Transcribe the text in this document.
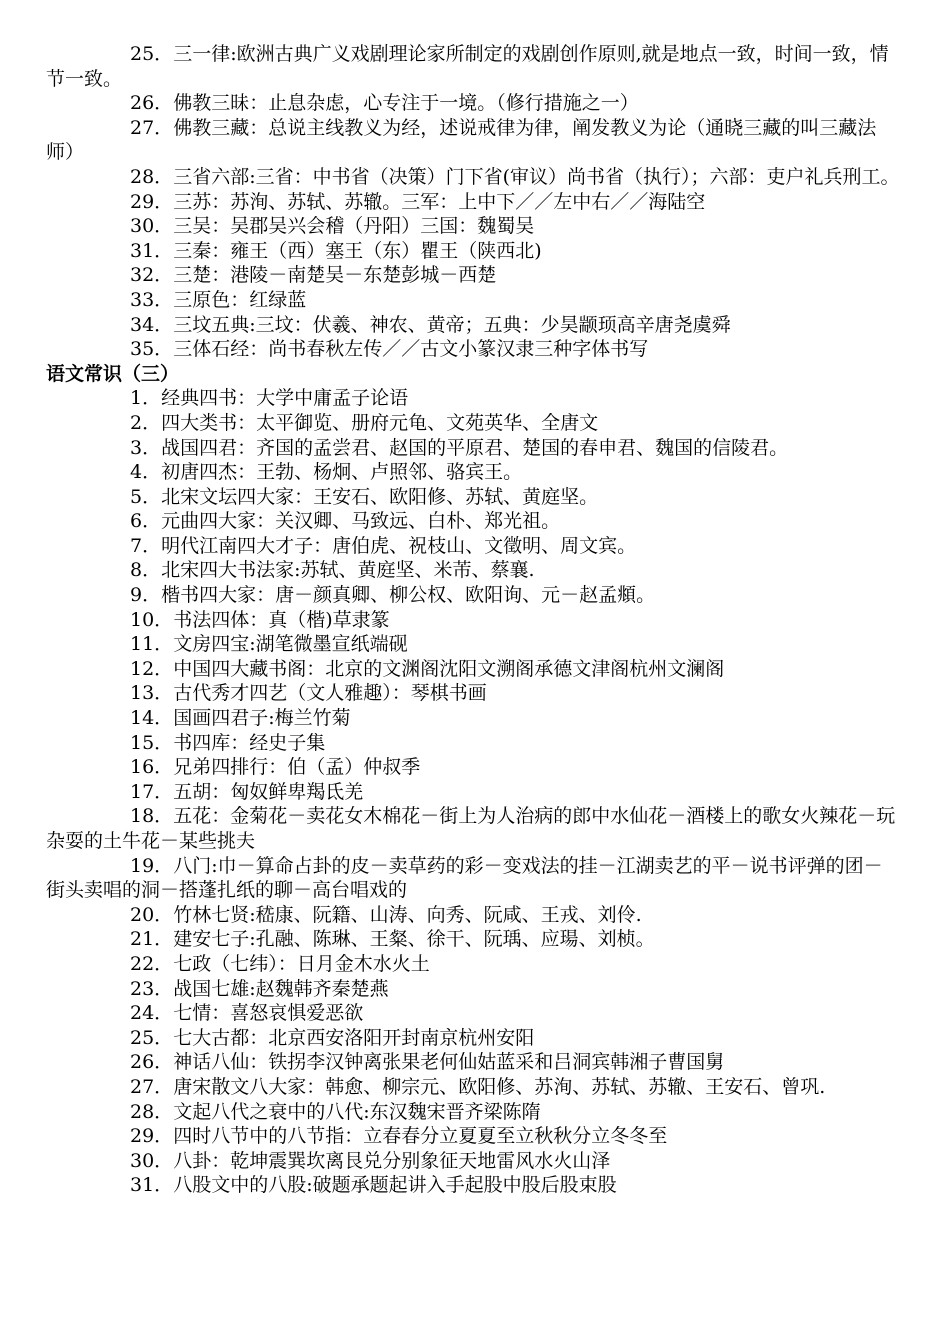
25．三一律:欧洲古典广义戏剧理论家所制定的戏剧创作原则,就是地点一致，时间一致，情节一致。

26．佛教三昧：止息杂虑，心专注于一境。（修行措施之一）

27．佛教三藏：总说主线教义为经，述说戒律为律，阐发教义为论（通晓三藏的叫三藏法师）

28．三省六部:三省：中书省（决策）门下省(审议）尚书省（执行）；六部：吏户礼兵刑工。

29．三苏：苏洵、苏轼、苏辙。三军：上中下／／左中右／／海陆空

30．三吴：吴郡吴兴会稽（丹阳）三国：魏蜀吴

31．三秦：雍王（西）塞王（东）瞿王（陕西北)

32．三楚：港陵－南楚吴－东楚彭城－西楚

33．三原色：红绿蓝

34．三坟五典:三坟：伏羲、神农、黄帝；五典：少昊颛顼高辛唐尧虞舜

35．三体石经：尚书春秋左传／／古文小篆汉隶三种字体书写

语文常识（三）

1．经典四书：大学中庸孟子论语

2．四大类书：太平御览、册府元龟、文苑英华、全唐文

3．战国四君：齐国的孟尝君、赵国的平原君、楚国的春申君、魏国的信陵君。

4．初唐四杰：王勃、杨炯、卢照邻、骆宾王。

5．北宋文坛四大家：王安石、欧阳修、苏轼、黄庭坚。

6．元曲四大家：关汉卿、马致远、白朴、郑光祖。

7．明代江南四大才子：唐伯虎、祝枝山、文徵明、周文宾。

8．北宋四大书法家:苏轼、黄庭坚、米芾、蔡襄.

9．楷书四大家：唐－颜真卿、柳公权、欧阳询、元－赵孟頫。

10．书法四体：真（楷)草隶篆

11．文房四宝:湖笔微墨宣纸端砚

12．中国四大藏书阁：北京的文渊阁沈阳文溯阁承德文津阁杭州文澜阁

13．古代秀才四艺（文人雅趣）：琴棋书画

14．国画四君子:梅兰竹菊

15．书四库：经史子集

16．兄弟四排行：伯（孟）仲叔季

17．五胡：匈奴鲜卑羯氐羌

18．五花：金菊花－卖花女木棉花－街上为人治病的郎中水仙花－酒楼上的歌女火辣花－玩杂耍的土牛花－某些挑夫

19．八门:巾－算命占卦的皮－卖草药的彩－变戏法的挂－江湖卖艺的平－说书评弹的团－街头卖唱的洞－搭蓬扎纸的聊－高台唱戏的

20．竹林七贤:嵇康、阮籍、山涛、向秀、阮咸、王戎、刘伶.

21．建安七子:孔融、陈琳、王粲、徐干、阮瑀、应瑒、刘桢。

22．七政（七纬）：日月金木水火土

23．战国七雄:赵魏韩齐秦楚燕

24．七情：喜怒哀惧爱恶欲

25．七大古都：北京西安洛阳开封南京杭州安阳

26．神话八仙：铁拐李汉钟离张果老何仙姑蓝采和吕洞宾韩湘子曹国舅

27．唐宋散文八大家：韩愈、柳宗元、欧阳修、苏洵、苏轼、苏辙、王安石、曾巩.

28．文起八代之衰中的八代:东汉魏宋晋齐梁陈隋

29．四时八节中的八节指：立春春分立夏夏至立秋秋分立冬冬至

30．八卦：乾坤震巽坎离艮兑分别象征天地雷风水火山泽

31．八股文中的八股:破题承题起讲入手起股中股后股束股
